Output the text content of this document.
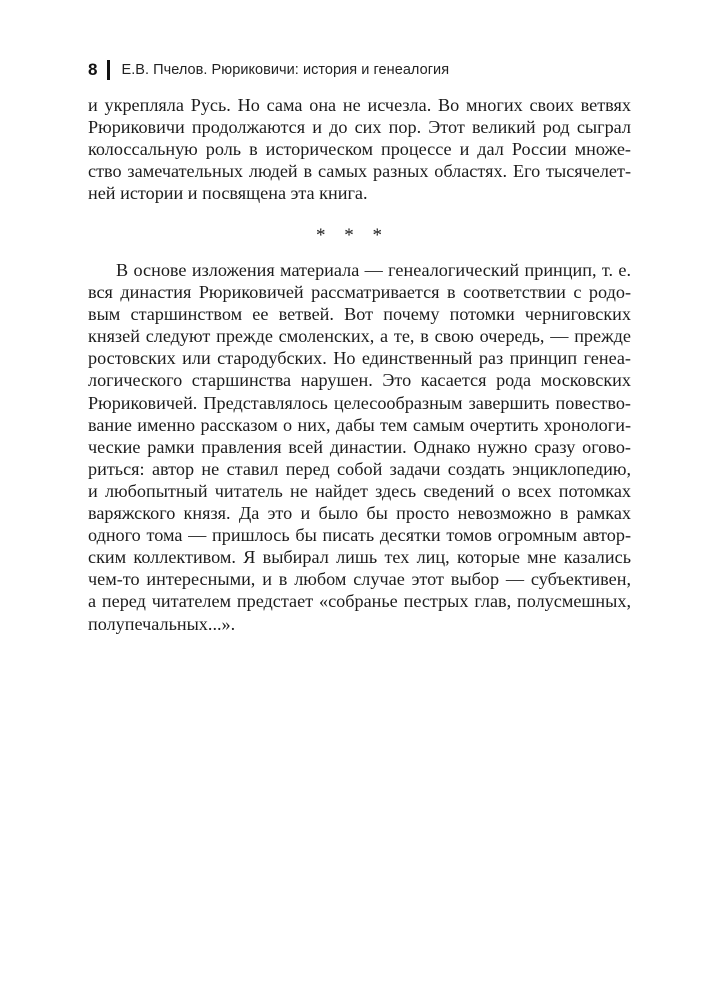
8 Е.В. Пчелов. Рюриковичи: история и генеалогия
и укрепляла Русь. Но сама она не исчезла. Во многих своих ветвях
Рюриковичи продолжаются и до сих пор. Этот великий род сыграл
колоссальную роль в историческом процессе и дал России множе-
ство замечательных людей в самых разных областях. Его тысячелет-
ней истории и посвящена эта книга.
* * *
В основе изложения материала — генеалогический принцип, т. е.
вся династия Рюриковичей рассматривается в соответствии с родо-
вым старшинством ее ветвей. Вот почему потомки черниговских
князей следуют прежде смоленских, а те, в свою очередь, — прежде
ростовских или стародубских. Но единственный раз принцип генеа-
логического старшинства нарушен. Это касается рода московских
Рюриковичей. Представлялось целесообразным завершить повество-
вание именно рассказом о них, дабы тем самым очертить хронологи-
ческие рамки правления всей династии. Однако нужно сразу огово-
риться: автор не ставил перед собой задачи создать энциклопедию,
и любопытный читатель не найдет здесь сведений о всех потомках
варяжского князя. Да это и было бы просто невозможно в рамках
одного тома — пришлось бы писать десятки томов огромным автор-
ским коллективом. Я выбирал лишь тех лиц, которые мне казались
чем-то интересными, и в любом случае этот выбор — субъективен,
а перед читателем предстает «собранье пестрых глав, полусмешных,
полупечальных...».
